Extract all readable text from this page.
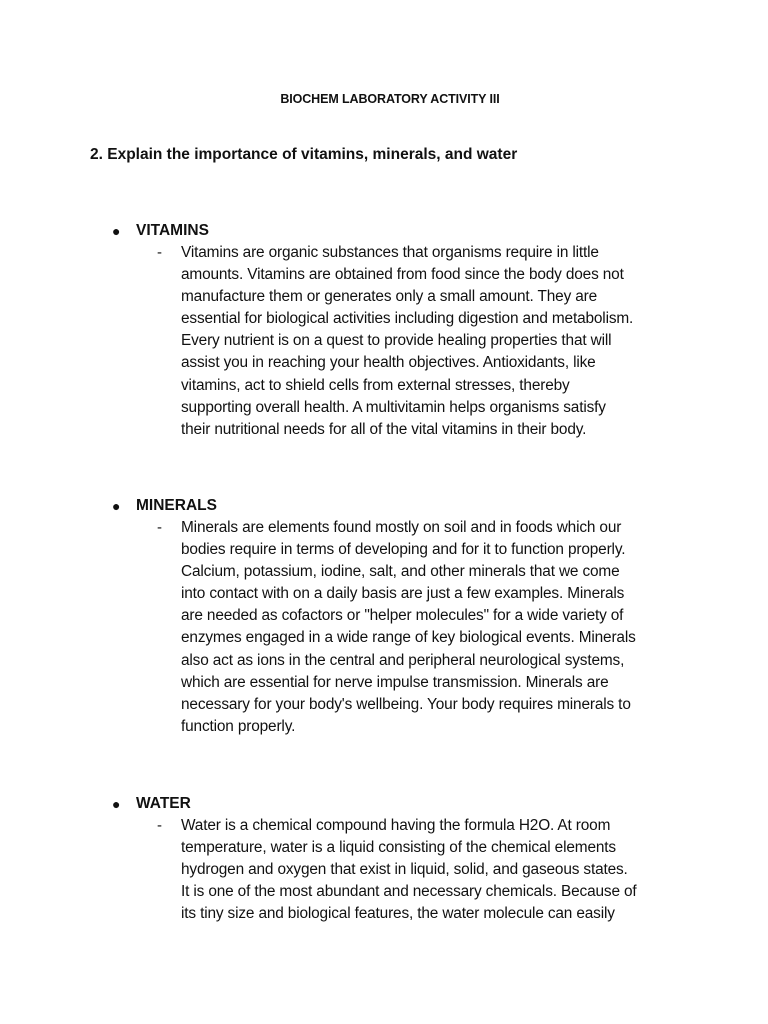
BIOCHEM LABORATORY ACTIVITY III
2. Explain the importance of vitamins, minerals, and water
●	VITAMINS
-	Vitamins are organic substances that organisms require in little
amounts. Vitamins are obtained from food since the body does not
manufacture them or generates only a small amount. They are
essential for biological activities including digestion and metabolism.
Every nutrient is on a quest to provide healing properties that will
assist you in reaching your health objectives. Antioxidants, like
vitamins, act to shield cells from external stresses, thereby
supporting overall health. A multivitamin helps organisms satisfy
their nutritional needs for all of the vital vitamins in their body.
●	MINERALS
-	Minerals are elements found mostly on soil and in foods which our
bodies require in terms of developing and for it to function properly.
Calcium, potassium, iodine, salt, and other minerals that we come
into contact with on a daily basis are just a few examples. Minerals
are needed as cofactors or "helper molecules" for a wide variety of
enzymes engaged in a wide range of key biological events. Minerals
also act as ions in the central and peripheral neurological systems,
which are essential for nerve impulse transmission. Minerals are
necessary for your body's wellbeing. Your body requires minerals to
function properly.
●	WATER
-	Water is a chemical compound having the formula H2O. At room
temperature, water is a liquid consisting of the chemical elements
hydrogen and oxygen that exist in liquid, solid, and gaseous states.
It is one of the most abundant and necessary chemicals. Because of
its tiny size and biological features, the water molecule can easily
